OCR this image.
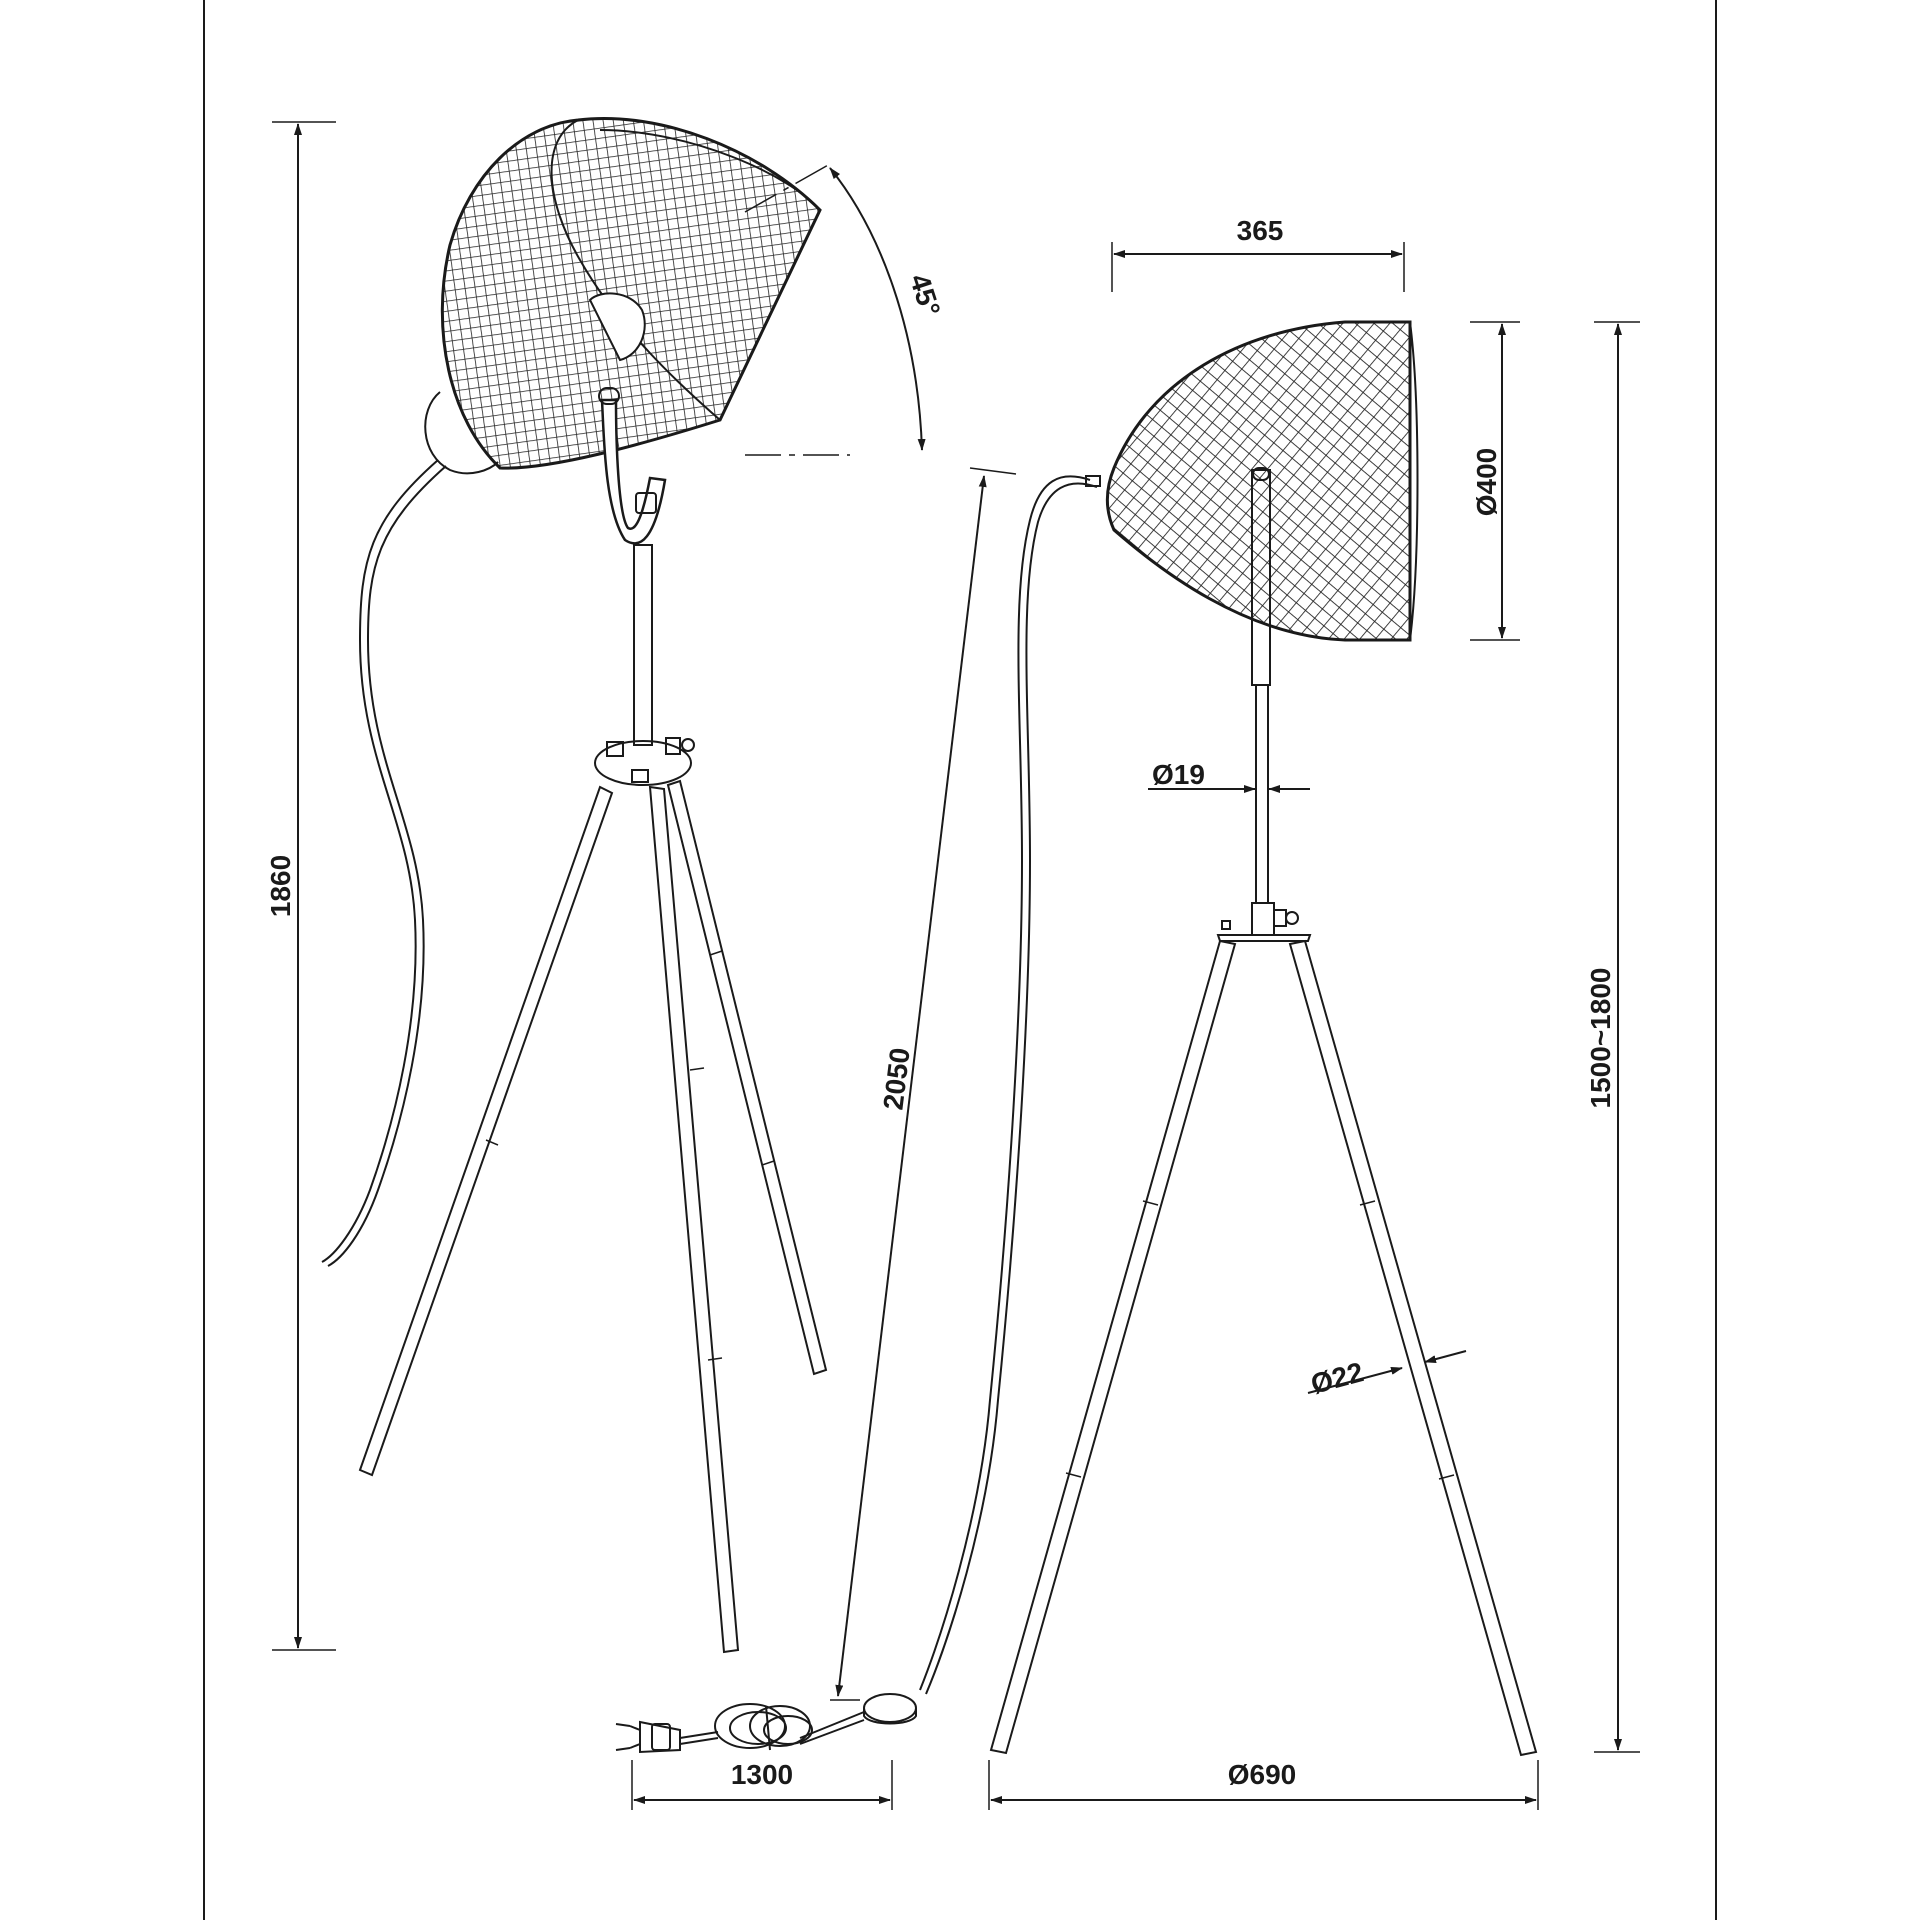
1860
45°
2050
1300
365
Ø400
1500~1800
Ø19
Ø22
Ø690
